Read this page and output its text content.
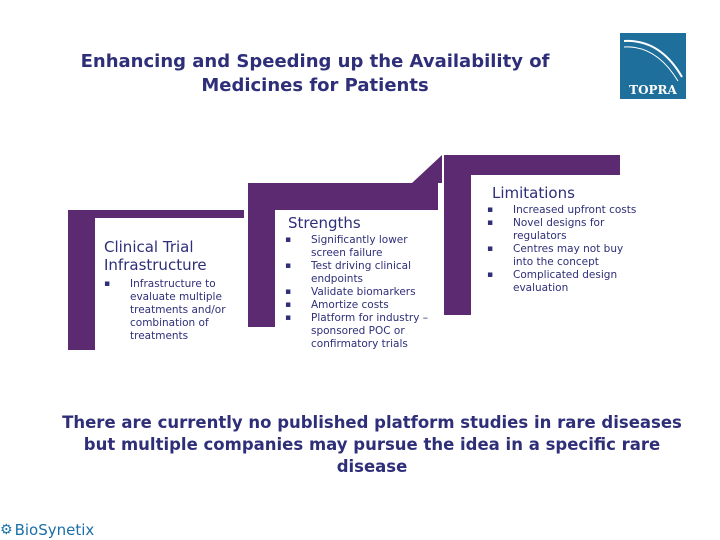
Enhancing and Speeding up the Availability of Medicines for Patients	TOPRA
Clinical Trial Infrastructure
▪ Infrastructure to evaluate multiple treatments and/or combination of treatments
Strengths
▪ Significantly lower screen failure
▪ Test driving clinical endpoints
▪ Validate biomarkers
▪ Amortize costs
▪ Platform for industry –sponsored POC or confirmatory trials
Limitations
▪ Increased upfront costs
▪ Novel designs for regulators
▪ Centres may not buy into the concept
▪ Complicated design evaluation
There are currently no published platform studies in rare diseases but multiple companies may pursue the idea in a specific rare disease
⚙ BioSynetix
